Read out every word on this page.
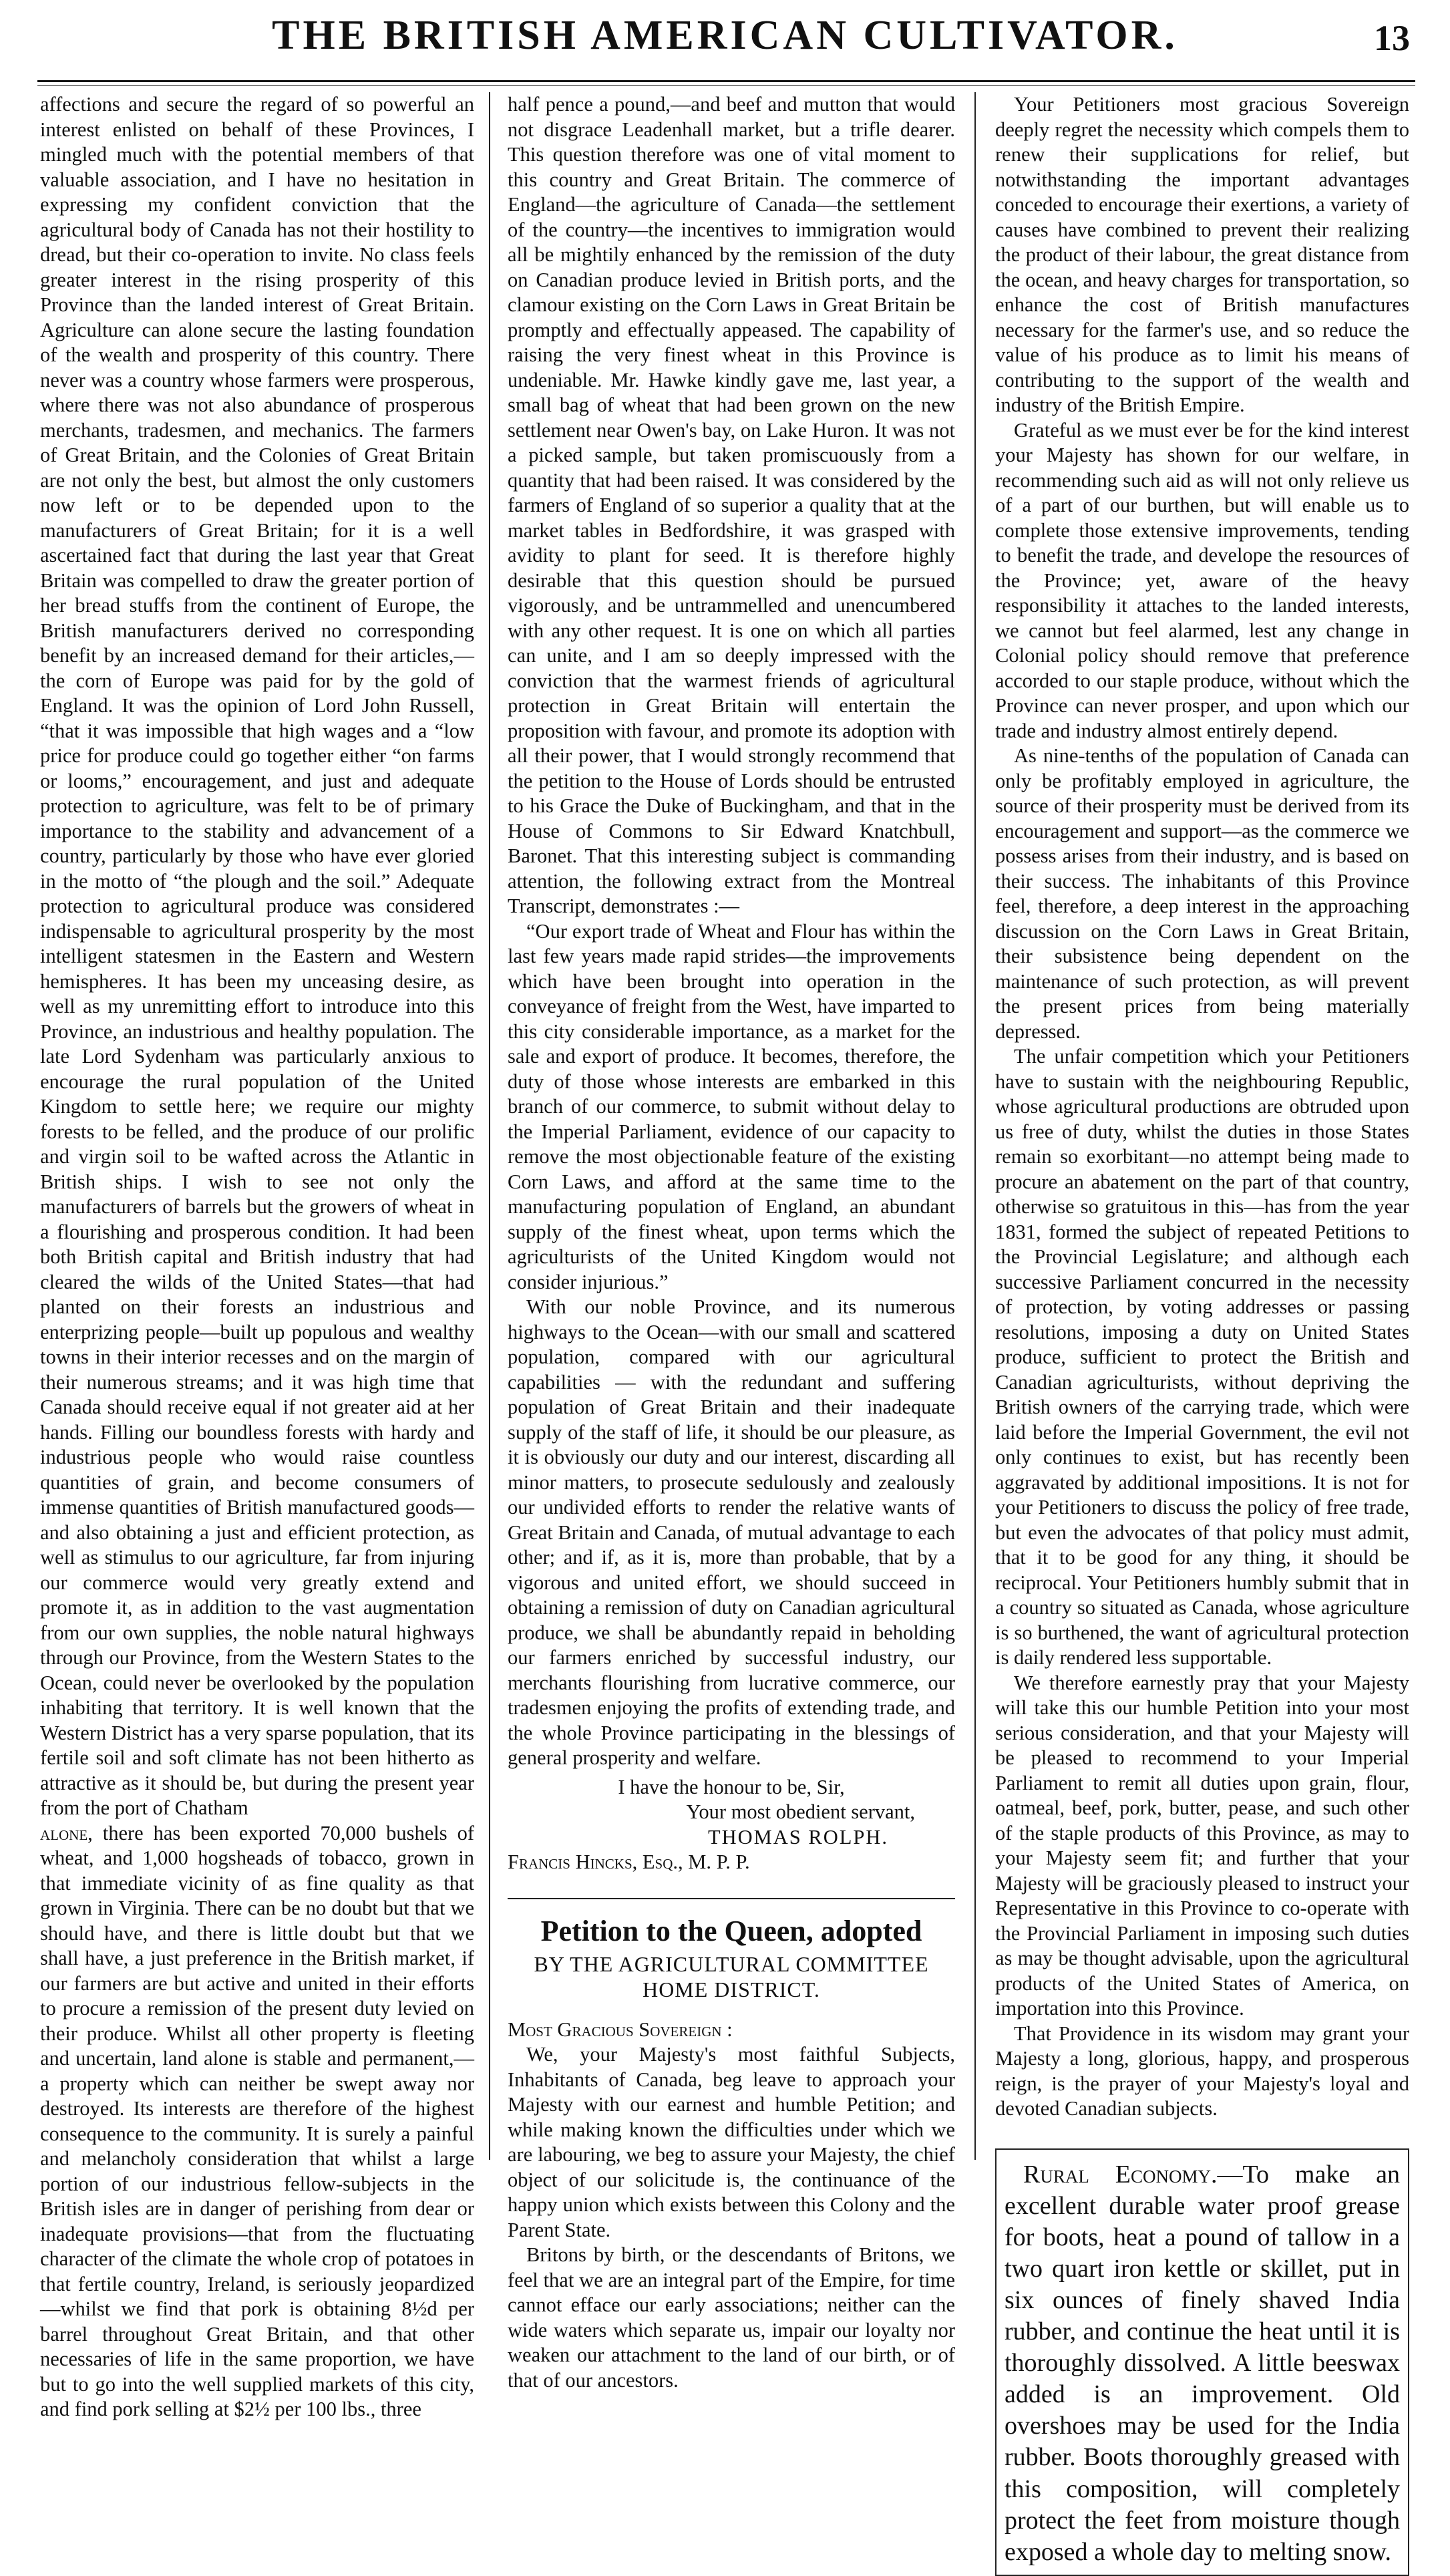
THE BRITISH AMERICAN CULTIVATOR.	13

affections and secure the regard of so powerful an interest enlisted on behalf of these Provinces, I mingled much with the potential members of that valuable association, and I have no hesitation in expressing my confident conviction that the agricultural body of Canada has not their hostility to dread, but their co-operation to invite. No class feels greater interest in the rising prosperity of this Province than the landed interest of Great Britain. Agriculture can alone secure the lasting foundation of the wealth and prosperity of this country. There never was a country whose farmers were prosperous, where there was not also abundance of prosperous merchants, tradesmen, and mechanics. The farmers of Great Britain, and the Colonies of Great Britain are not only the best, but almost the only customers now left or to be depended upon to the manufacturers of Great Britain; for it is a well ascertained fact that during the last year that Great Britain was compelled to draw the greater portion of her bread stuffs from the continent of Europe, the British manufacturers derived no corresponding benefit by an increased demand for their articles,—the corn of Europe was paid for by the gold of England. It was the opinion of Lord John Russell, “that it was impossible that high wages and a “low price for produce could go together either “on farms or looms,” encouragement, and just and adequate protection to agriculture, was felt to be of primary importance to the stability and advancement of a country, particularly by those who have ever gloried in the motto of “the plough and the soil.” Adequate protection to agricultural produce was considered indispensable to agricultural prosperity by the most intelligent statesmen in the Eastern and Western hemispheres. It has been my unceasing desire, as well as my unremitting effort to introduce into this Province, an industrious and healthy population. The late Lord Sydenham was particularly anxious to encourage the rural population of the United Kingdom to settle here; we require our mighty forests to be felled, and the produce of our prolific and virgin soil to be wafted across the Atlantic in British ships. I wish to see not only the manufacturers of barrels but the growers of wheat in a flourishing and prosperous condition. It had been both British capital and British industry that had cleared the wilds of the United States—that had planted on their forests an industrious and enterprizing people—built up populous and wealthy towns in their interior recesses and on the margin of their numerous streams; and it was high time that Canada should receive equal if not greater aid at her hands. Filling our boundless forests with hardy and industrious people who would raise countless quantities of grain, and become consumers of immense quantities of British manufactured goods—and also obtaining a just and efficient protection, as well as stimulus to our agriculture, far from injuring our commerce would very greatly extend and promote it, as in addition to the vast augmentation from our own supplies, the noble natural highways through our Province, from the Western States to the Ocean, could never be overlooked by the population inhabiting that territory. It is well known that the Western District has a very sparse population, that its fertile soil and soft climate has not been hitherto as attractive as it should be, but during the present year from the port of Chatham

alone, there has been exported 70,000 bushels of wheat, and 1,000 hogsheads of tobacco, grown in that immediate vicinity of as fine quality as that grown in Virginia. There can be no doubt but that we should have, and there is little doubt but that we shall have, a just preference in the British market, if our farmers are but active and united in their efforts to procure a remission of the present duty levied on their produce. Whilst all other property is fleeting and uncertain, land alone is stable and permanent,—a property which can neither be swept away nor destroyed. Its interests are therefore of the highest consequence to the community. It is surely a painful and melancholy consideration that whilst a large portion of our industrious fellow-subjects in the British isles are in danger of perishing from dear or inadequate provisions—that from the fluctuating character of the climate the whole crop of potatoes in that fertile country, Ireland, is seriously jeopardized—whilst we find that pork is obtaining 8½d per barrel throughout Great Britain, and that other necessaries of life in the same proportion, we have but to go into the well supplied markets of this city, and find pork selling at $2½ per 100 lbs., three

half pence a pound,—and beef and mutton that would not disgrace Leadenhall market, but a trifle dearer. This question therefore was one of vital moment to this country and Great Britain. The commerce of England—the agriculture of Canada—the settlement of the country—the incentives to immigration would all be mightily enhanced by the remission of the duty on Canadian produce levied in British ports, and the clamour existing on the Corn Laws in Great Britain be promptly and effectually appeased. The capability of raising the very finest wheat in this Province is undeniable. Mr. Hawke kindly gave me, last year, a small bag of wheat that had been grown on the new settlement near Owen's bay, on Lake Huron. It was not a picked sample, but taken promiscuously from a quantity that had been raised. It was considered by the farmers of England of so superior a quality that at the market tables in Bedfordshire, it was grasped with avidity to plant for seed. It is therefore highly desirable that this question should be pursued vigorously, and be untrammelled and unencumbered with any other request. It is one on which all parties can unite, and I am so deeply impressed with the conviction that the warmest friends of agricultural protection in Great Britain will entertain the proposition with favour, and promote its adoption with all their power, that I would strongly recommend that the petition to the House of Lords should be entrusted to his Grace the Duke of Buckingham, and that in the House of Commons to Sir Edward Knatchbull, Baronet. That this interesting subject is commanding attention, the following extract from the Montreal Transcript, demonstrates :—

“Our export trade of Wheat and Flour has within the last few years made rapid strides—the improvements which have been brought into operation in the conveyance of freight from the West, have imparted to this city considerable importance, as a market for the sale and export of produce. It becomes, therefore, the duty of those whose interests are embarked in this branch of our commerce, to submit without delay to the Imperial Parliament, evidence of our capacity to remove the most objectionable feature of the existing Corn Laws, and afford at the same time to the manufacturing population of England, an abundant supply of the finest wheat, upon terms which the agriculturists of the United Kingdom would not consider injurious.”

With our noble Province, and its numerous highways to the Ocean—with our small and scattered population, compared with our agricultural capabilities — with the redundant and suffering population of Great Britain and their inadequate supply of the staff of life, it should be our pleasure, as it is obviously our duty and our interest, discarding all minor matters, to prosecute sedulously and zealously our undivided efforts to render the relative wants of Great Britain and Canada, of mutual advantage to each other; and if, as it is, more than probable, that by a vigorous and united effort, we should succeed in obtaining a remission of duty on Canadian agricultural produce, we shall be abundantly repaid in beholding our farmers enriched by successful industry, our merchants flourishing from lucrative commerce, our tradesmen enjoying the profits of extending trade, and the whole Province participating in the blessings of general prosperity and welfare.

I have the honour to be, Sir,

Your most obedient servant,

THOMAS ROLPH.

Francis Hincks, Esq., M. P. P.

Petition to the Queen, adopted

BY THE AGRICULTURAL COMMITTEE

HOME DISTRICT.

Most Gracious Sovereign :

We, your Majesty's most faithful Subjects, Inhabitants of Canada, beg leave to approach your Majesty with our earnest and humble Petition; and while making known the difficulties under which we are labouring, we beg to assure your Majesty, the chief object of our solicitude is, the continuance of the happy union which exists between this Colony and the Parent State.

Britons by birth, or the descendants of Britons, we feel that we are an integral part of the Empire, for time cannot efface our early associations; neither can the wide waters which separate us, impair our loyalty nor weaken our attachment to the land of our birth, or of that of our ancestors.

Your Petitioners most gracious Sovereign deeply regret the necessity which compels them to renew their supplications for relief, but notwithstanding the important advantages conceded to encourage their exertions, a variety of causes have combined to prevent their realizing the product of their labour, the great distance from the ocean, and heavy charges for transportation, so enhance the cost of British manufactures necessary for the farmer's use, and so reduce the value of his produce as to limit his means of contributing to the support of the wealth and industry of the British Empire.

Grateful as we must ever be for the kind interest your Majesty has shown for our welfare, in recommending such aid as will not only relieve us of a part of our burthen, but will enable us to complete those extensive improvements, tending to benefit the trade, and develope the resources of the Province; yet, aware of the heavy responsibility it attaches to the landed interests, we cannot but feel alarmed, lest any change in Colonial policy should remove that preference accorded to our staple produce, without which the Province can never prosper, and upon which our trade and industry almost entirely depend.

As nine-tenths of the population of Canada can only be profitably employed in agriculture, the source of their prosperity must be derived from its encouragement and support—as the commerce we possess arises from their industry, and is based on their success. The inhabitants of this Province feel, therefore, a deep interest in the approaching discussion on the Corn Laws in Great Britain, their subsistence being dependent on the maintenance of such protection, as will prevent the present prices from being materially depressed.

The unfair competition which your Petitioners have to sustain with the neighbouring Republic, whose agricultural productions are obtruded upon us free of duty, whilst the duties in those States remain so exorbitant—no attempt being made to procure an abatement on the part of that country, otherwise so gratuitous in this—has from the year 1831, formed the subject of repeated Petitions to the Provincial Legislature; and although each successive Parliament concurred in the necessity of protection, by voting addresses or passing resolutions, imposing a duty on United States produce, sufficient to protect the British and Canadian agriculturists, without depriving the British owners of the carrying trade, which were laid before the Imperial Government, the evil not only continues to exist, but has recently been aggravated by additional impositions. It is not for your Petitioners to discuss the policy of free trade, but even the advocates of that policy must admit, that it to be good for any thing, it should be reciprocal. Your Petitioners humbly submit that in a country so situated as Canada, whose agriculture is so burthened, the want of agricultural protection is daily rendered less supportable.

We therefore earnestly pray that your Majesty will take this our humble Petition into your most serious consideration, and that your Majesty will be pleased to recommend to your Imperial Parliament to remit all duties upon grain, flour, oatmeal, beef, pork, butter, pease, and such other of the staple products of this Province, as may to your Majesty seem fit; and further that your Majesty will be graciously pleased to instruct your Representative in this Province to co-operate with the Provincial Parliament in imposing such duties as may be thought advisable, upon the agricultural products of the United States of America, on importation into this Province.

That Providence in its wisdom may grant your Majesty a long, glorious, happy, and prosperous reign, is the prayer of your Majesty's loyal and devoted Canadian subjects.

Rural Economy.—To make an excellent durable water proof grease for boots, heat a pound of tallow in a two quart iron kettle or skillet, put in six ounces of finely shaved India rubber, and continue the heat until it is thoroughly dissolved. A little beeswax added is an improvement. Old overshoes may be used for the India rubber. Boots thoroughly greased with this composition, will completely protect the feet from moisture though exposed a whole day to melting snow.
